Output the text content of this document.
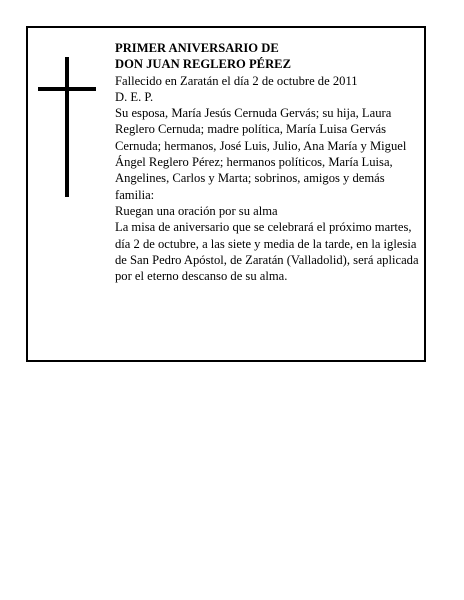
PRIMER ANIVERSARIO DE

DON JUAN REGLERO PÉREZ

Fallecido en Zaratán el día 2 de octubre de 2011

D. E. P.

Su esposa, María Jesús Cernuda Gervás; su hija, Laura Reglero Cernuda; madre política, María Luisa Gervás Cernuda; hermanos, José Luis, Julio, Ana María y Miguel Ángel Reglero Pérez; hermanos políticos, María Luisa, Angelines, Carlos y Marta; sobrinos, amigos y demás familia:

Ruegan una oración por su alma

La misa de aniversario que se celebrará el próximo martes, día 2 de octubre, a las siete y media de la tarde, en la iglesia de San Pedro Apóstol, de Zaratán (Valladolid), será aplicada por el eterno descanso de su alma.
